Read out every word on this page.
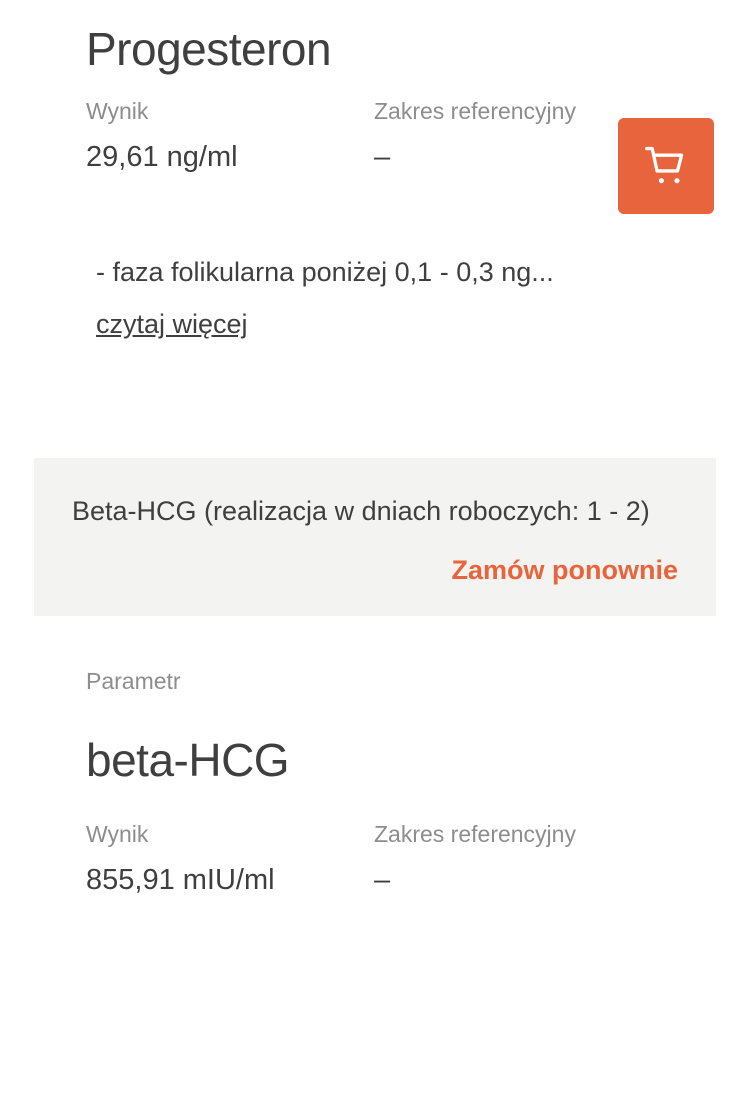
Progesteron
Wynik
29,61 ng/ml
Zakres referencyjny
–
- faza folikularna poniżej 0,1 - 0,3 ng...
czytaj więcej
Beta-HCG (realizacja w dniach roboczych: 1 - 2)
Zamów ponownie
Parametr
beta-HCG
Wynik
855,91 mIU/ml
Zakres referencyjny
–
